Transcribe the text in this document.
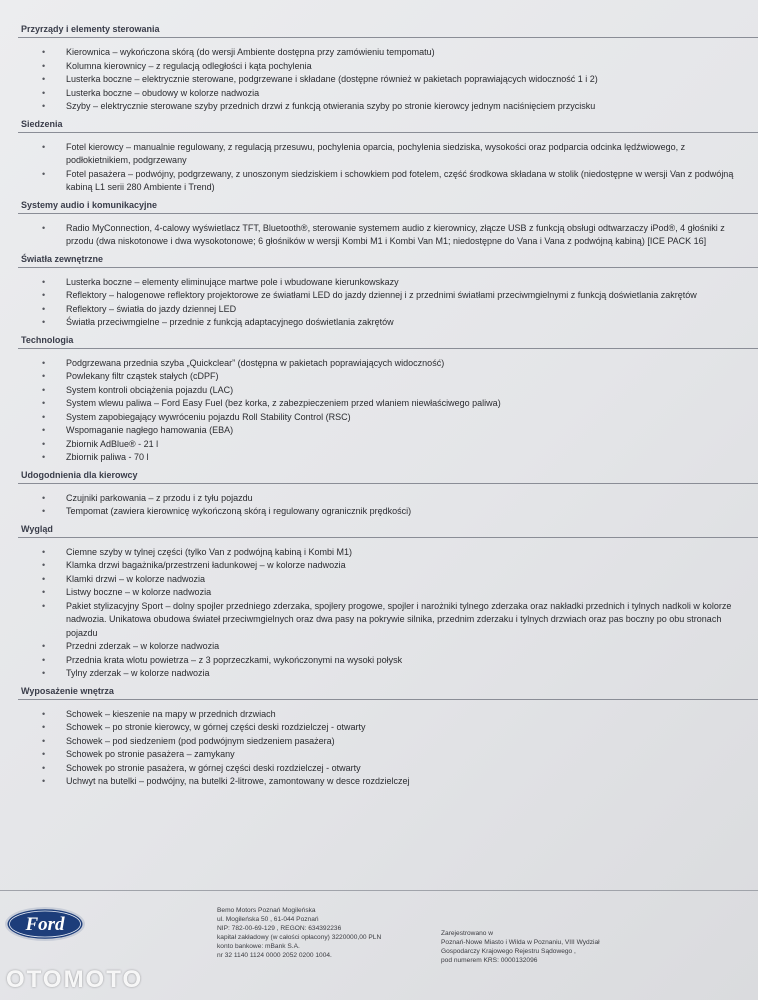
Przyrządy i elementy sterowania
• Kierownica – wykończona skórą (do wersji Ambiente dostępna przy zamówieniu tempomatu)
• Kolumna kierownicy – z regulacją odległości i kąta pochylenia
• Lusterka boczne – elektrycznie sterowane, podgrzewane i składane (dostępne również w pakietach poprawiających widoczność 1 i 2)
• Lusterka boczne – obudowy w kolorze nadwozia
• Szyby – elektrycznie sterowane szyby przednich drzwi z funkcją otwierania szyby po stronie kierowcy jednym naciśnięciem przycisku
Siedzenia
• Fotel kierowcy – manualnie regulowany, z regulacją przesuwu, pochylenia oparcia, pochylenia siedziska, wysokości oraz podparcia odcinka lędźwiowego, z podłokietnikiem, podgrzewany
• Fotel pasażera – podwójny, podgrzewany, z unoszonym siedziskiem i schowkiem pod fotelem, część środkowa składana w stolik (niedostępne w wersji Van z podwójną kabiną L1 serii 280 Ambiente i Trend)
Systemy audio i komunikacyjne
• Radio MyConnection, 4-calowy wyświetlacz TFT, Bluetooth®, sterowanie systemem audio z kierownicy, złącze USB z funkcją obsługi odtwarzaczy iPod®, 4 głośniki z przodu (dwa niskotonowe i dwa wysokotonowe; 6 głośników w wersji Kombi M1 i Kombi Van M1; niedostępne do Vana i Vana z podwójną kabiną) [ICE PACK 16]
Światła zewnętrzne
• Lusterka boczne – elementy eliminujące martwe pole i wbudowane kierunkowskazy
• Reflektory – halogenowe reflektory projektorowe ze światłami LED do jazdy dziennej i z przednimi światłami przeciwmgielnymi z funkcją doświetlania zakrętów
• Reflektory – światła do jazdy dziennej LED
• Światła przeciwmgielne – przednie z funkcją adaptacyjnego doświetlania zakrętów
Technologia
• Podgrzewana przednia szyba „Quickclear” (dostępna w pakietach poprawiających widoczność)
• Powlekany filtr cząstek stałych (cDPF)
• System kontroli obciążenia pojazdu (LAC)
• System wlewu paliwa – Ford Easy Fuel (bez korka, z zabezpieczeniem przed wlaniem niewłaściwego paliwa)
• System zapobiegający wywróceniu pojazdu Roll Stability Control (RSC)
• Wspomaganie nagłego hamowania (EBA)
• Zbiornik AdBlue® - 21 l
• Zbiornik paliwa - 70 l
Udogodnienia dla kierowcy
• Czujniki parkowania – z przodu i z tyłu pojazdu
• Tempomat (zawiera kierownicę wykończoną skórą i regulowany ogranicznik prędkości)
Wygląd
• Ciemne szyby w tylnej części (tylko Van z podwójną kabiną i Kombi M1)
• Klamka drzwi bagażnika/przestrzeni ładunkowej – w kolorze nadwozia
• Klamki drzwi – w kolorze nadwozia
• Listwy boczne – w kolorze nadwozia
• Pakiet stylizacyjny Sport – dolny spojler przedniego zderzaka, spojlery progowe, spojler i narożniki tylnego zderzaka oraz nakładki przednich i tylnych nadkoli w kolorze nadwozia. Unikatowa obudowa świateł przeciwmgielnych oraz dwa pasy na pokrywie silnika, przednim zderzaku i tylnych drzwiach oraz pas boczny po obu stronach pojazdu
• Przedni zderzak – w kolorze nadwozia
• Przednia krata wlotu powietrza – z 3 poprzeczkami, wykończonymi na wysoki połysk
• Tylny zderzak – w kolorze nadwozia
Wyposażenie wnętrza
• Schowek – kieszenie na mapy w przednich drzwiach
• Schowek – po stronie kierowcy, w górnej części deski rozdzielczej - otwarty
• Schowek – pod siedzeniem (pod podwójnym siedzeniem pasażera)
• Schowek po stronie pasażera – zamykany
• Schowek po stronie pasażera, w górnej części deski rozdzielczej - otwarty
• Uchwyt na butelki – podwójny, na butelki 2-litrowe, zamontowany w desce rozdzielczej
Ford
Bemo Motors Poznań Mogileńska
ul. Mogileńska 50 , 61-044 Poznań
NIP: 782-00-69-129 , REGON: 634392236
kapitał zakładowy (w całości opłacony) 3220000,00 PLN
konto bankowe: mBank S.A.
nr 32 1140 1124 0000 2052 0200 1004.
Zarejestrowano w
Poznań-Nowe Miasto i Wilda w Poznaniu, VIII Wydział
Gospodarczy Krajowego Rejestru Sądowego ,
pod numerem KRS: 0000132096
OTOMOTO
